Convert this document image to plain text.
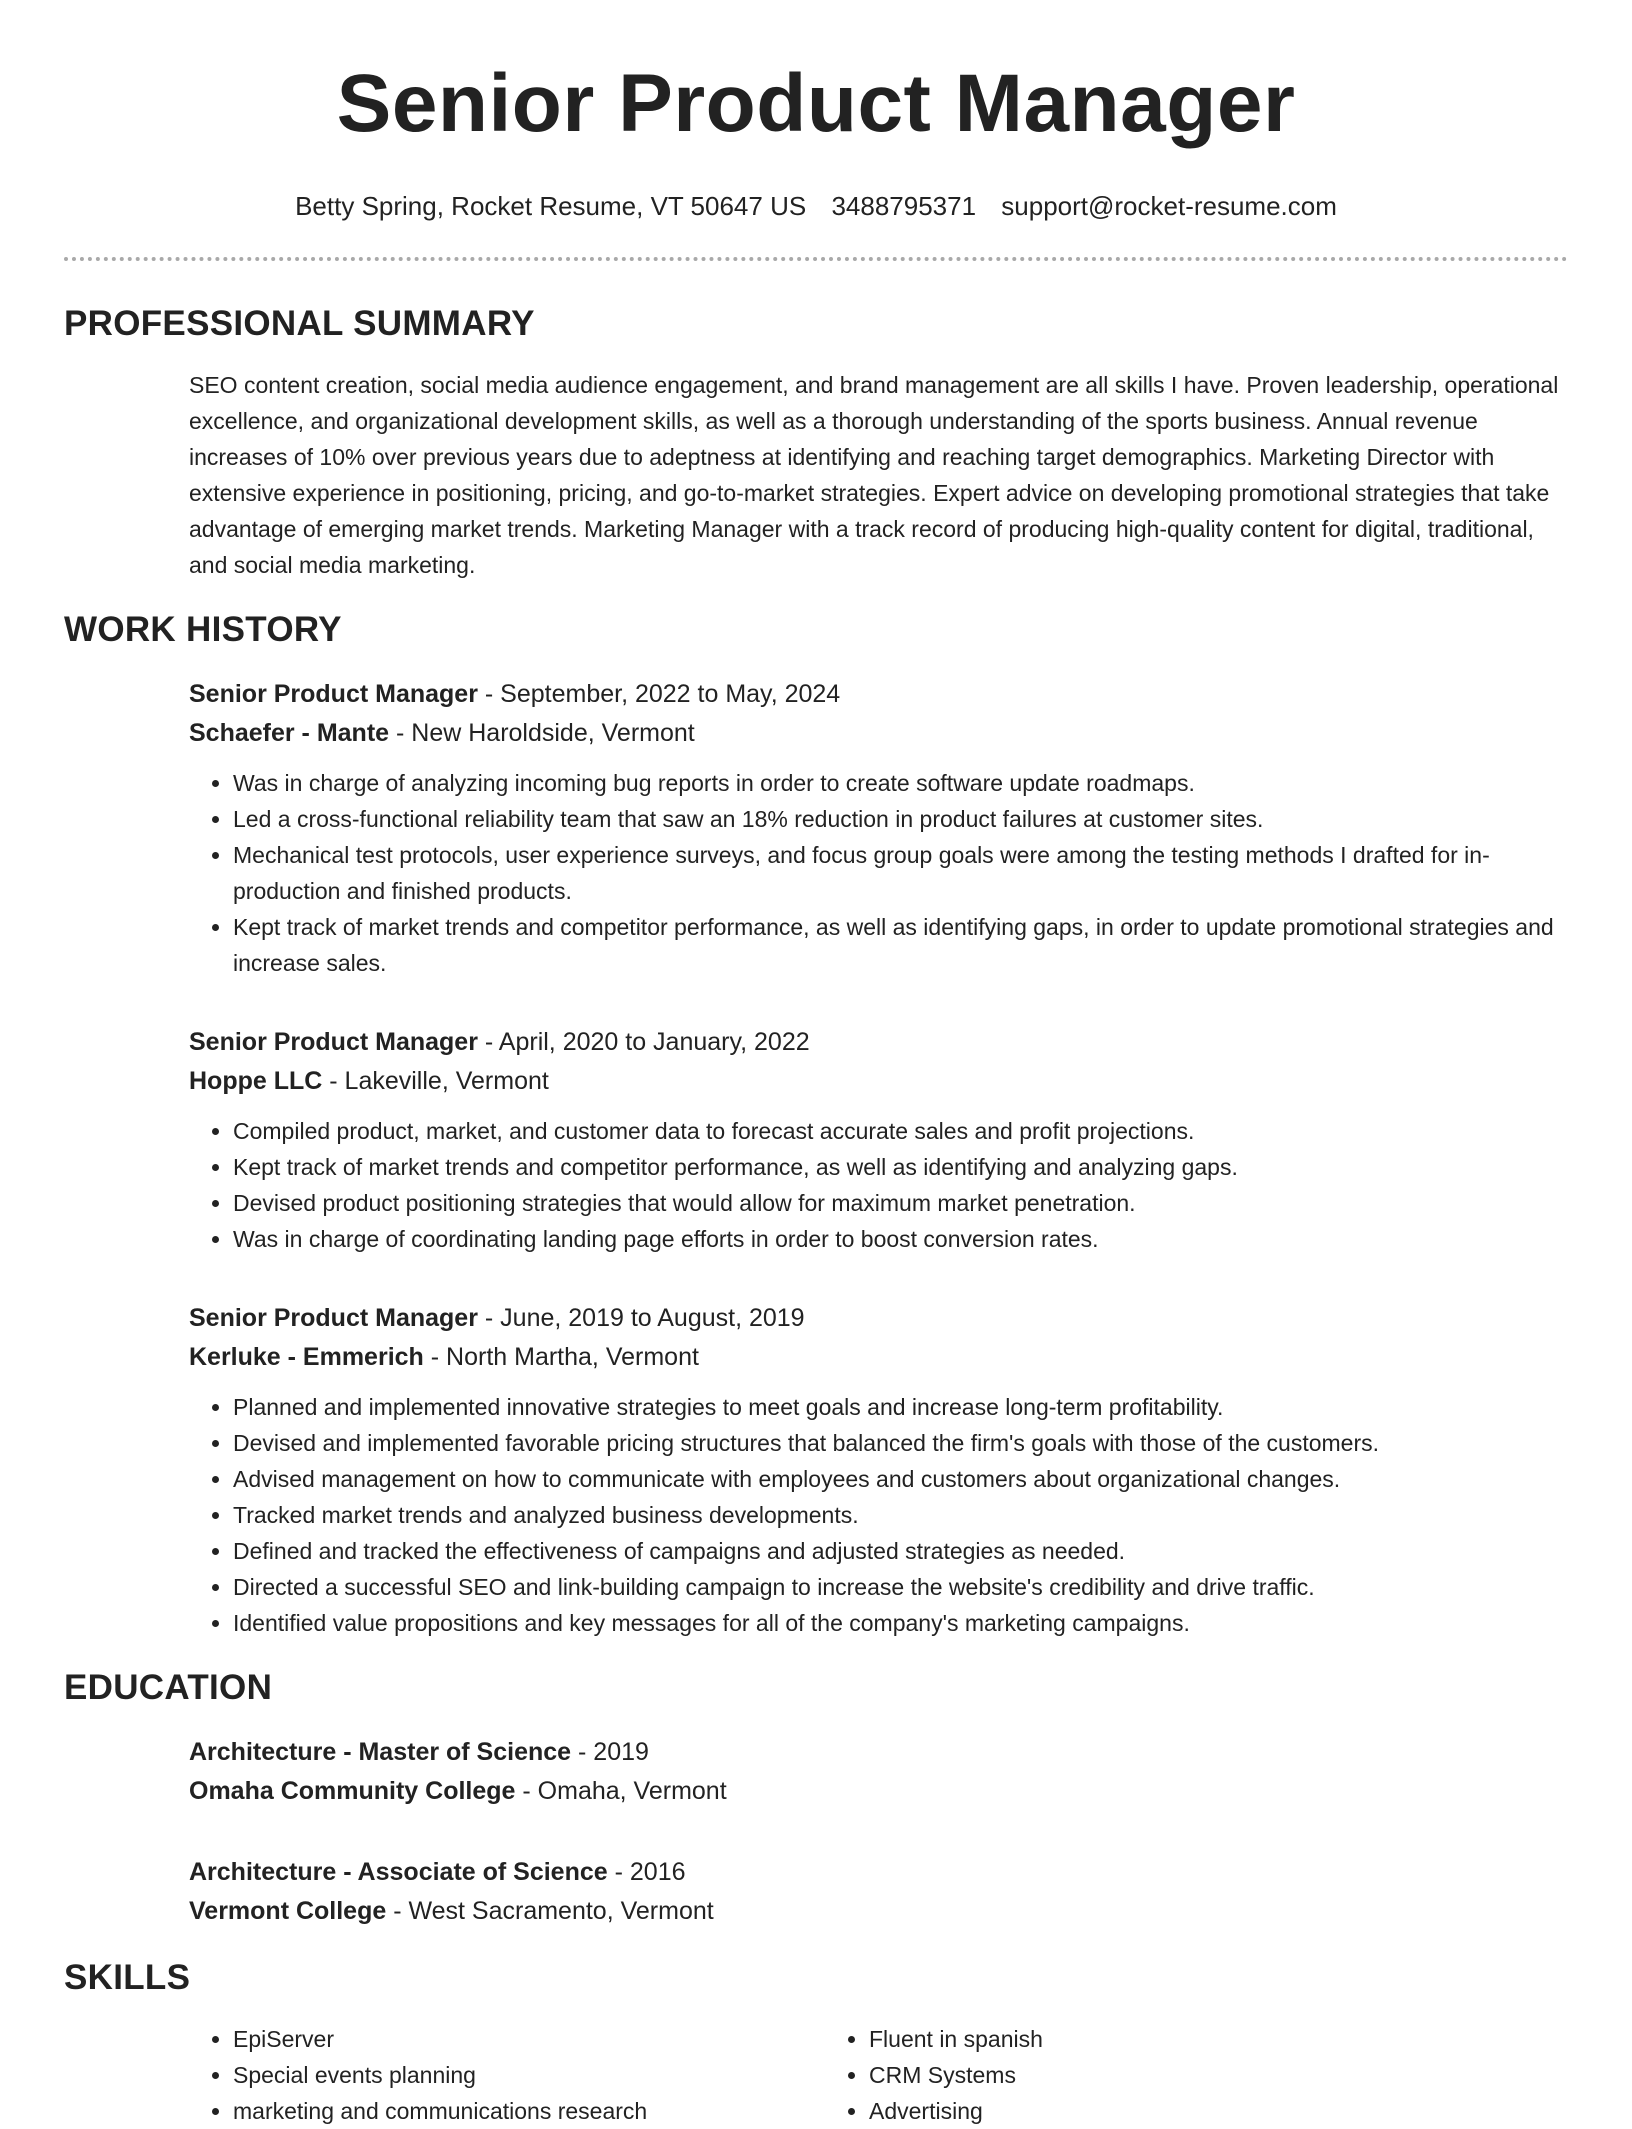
Senior Product Manager
Betty Spring, Rocket Resume, VT 50647 US 3488795371 support@rocket-resume.com
PROFESSIONAL SUMMARY

SEO content creation, social media audience engagement, and brand management are all skills I have. Proven leadership, operational excellence, and organizational development skills, as well as a thorough understanding of the sports business. Annual revenue increases of 10% over previous years due to adeptness at identifying and reaching target demographics. Marketing Director with extensive experience in positioning, pricing, and go-to-market strategies. Expert advice on developing promotional strategies that take advantage of emerging market trends. Marketing Manager with a track record of producing high-quality content for digital, traditional, and social media marketing.

WORK HISTORY
Senior Product Manager - September, 2022 to May, 2024
Schaefer - Mante - New Haroldside, Vermont
• Was in charge of analyzing incoming bug reports in order to create software update roadmaps.
• Led a cross-functional reliability team that saw an 18% reduction in product failures at customer sites.
• Mechanical test protocols, user experience surveys, and focus group goals were among the testing methods I drafted for in-production and finished products.
• Kept track of market trends and competitor performance, as well as identifying gaps, in order to update promotional strategies and increase sales.
Senior Product Manager - April, 2020 to January, 2022
Hoppe LLC - Lakeville, Vermont
• Compiled product, market, and customer data to forecast accurate sales and profit projections.
• Kept track of market trends and competitor performance, as well as identifying and analyzing gaps.
• Devised product positioning strategies that would allow for maximum market penetration.
• Was in charge of coordinating landing page efforts in order to boost conversion rates.
Senior Product Manager - June, 2019 to August, 2019
Kerluke - Emmerich - North Martha, Vermont
• Planned and implemented innovative strategies to meet goals and increase long-term profitability.
• Devised and implemented favorable pricing structures that balanced the firm's goals with those of the customers.
• Advised management on how to communicate with employees and customers about organizational changes.
• Tracked market trends and analyzed business developments.
• Defined and tracked the effectiveness of campaigns and adjusted strategies as needed.
• Directed a successful SEO and link-building campaign to increase the website's credibility and drive traffic.
• Identified value propositions and key messages for all of the company's marketing campaigns.
EDUCATION
Architecture - Master of Science - 2019
Omaha Community College - Omaha, Vermont
Architecture - Associate of Science - 2016
Vermont College - West Sacramento, Vermont
SKILLS
• EpiServer
• Special events planning
• marketing and communications research
• Fluent in spanish
• CRM Systems
• Advertising
